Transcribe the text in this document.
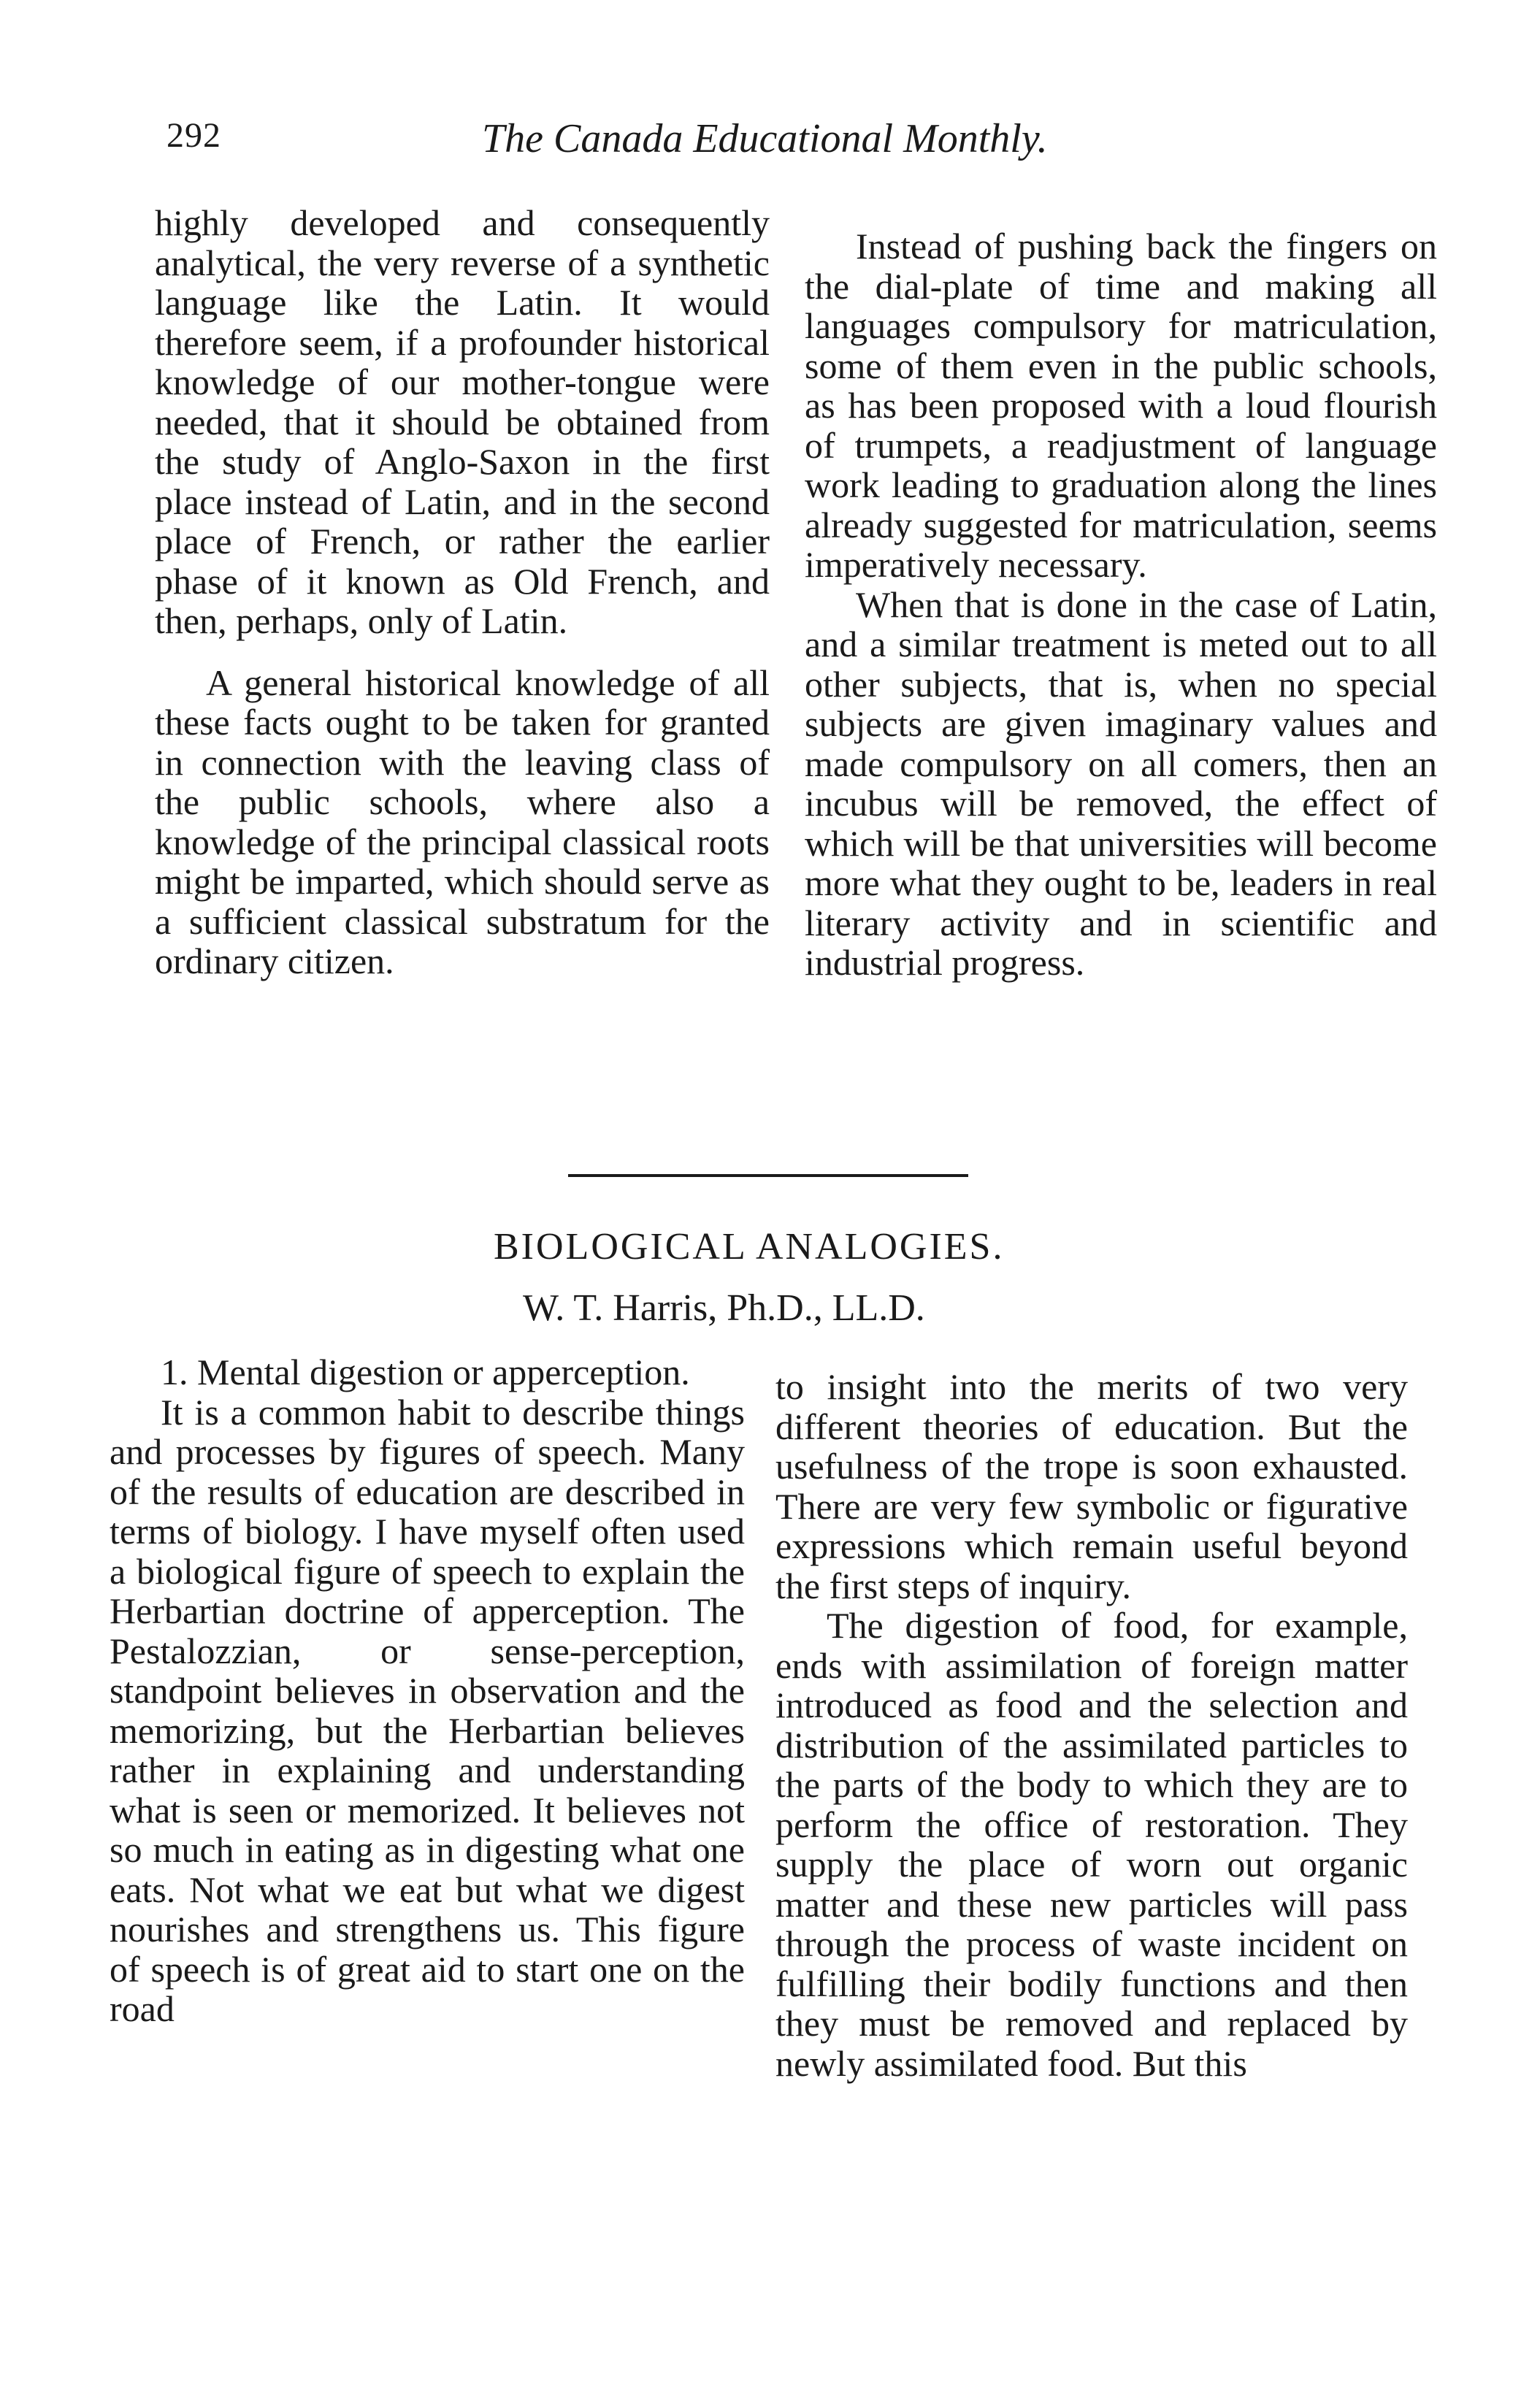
292	The Canada Educational Monthly.

highly developed and consequently analytical, the very reverse of a synthetic language like the Latin. It would therefore seem, if a profounder historical knowledge of our mother-tongue were needed, that it should be obtained from the study of Anglo-Saxon in the first place instead of Latin, and in the second place of French, or rather the earlier phase of it known as Old French, and then, perhaps, only of Latin.

A general historical knowledge of all these facts ought to be taken for granted in connection with the leaving class of the public schools, where also a knowledge of the principal classical roots might be imparted, which should serve as a sufficient classical substratum for the ordinary citizen.

Instead of pushing back the fingers on the dial-plate of time and making all languages compulsory for matriculation, some of them even in the public schools, as has been proposed with a loud flourish of trumpets, a readjustment of language work leading to graduation along the lines already suggested for matriculation, seems imperatively necessary.

When that is done in the case of Latin, and a similar treatment is meted out to all other subjects, that is, when no special subjects are given imaginary values and made compulsory on all comers, then an incubus will be removed, the effect of which will be that universities will become more what they ought to be, leaders in real literary activity and in scientific and industrial progress.

BIOLOGICAL ANALOGIES.
W. T. Harris, Ph.D., LL.D.

1. Mental digestion or apperception.

It is a common habit to describe things and processes by figures of speech. Many of the results of education are described in terms of biology. I have myself often used a biological figure of speech to explain the Herbartian doctrine of apperception. The Pestalozzian, or sense-perception, standpoint believes in observation and the memorizing, but the Herbartian believes rather in explaining and understanding what is seen or memorized. It believes not so much in eating as in digesting what one eats. Not what we eat but what we digest nourishes and strengthens us. This figure of speech is of great aid to start one on the road

to insight into the merits of two very different theories of education. But the usefulness of the trope is soon exhausted. There are very few symbolic or figurative expressions which remain useful beyond the first steps of inquiry.

The digestion of food, for example, ends with assimilation of foreign matter introduced as food and the selection and distribution of the assimilated particles to the parts of the body to which they are to perform the office of restoration. They supply the place of worn out organic matter and these new particles will pass through the process of waste incident on fulfilling their bodily functions and then they must be removed and replaced by newly assimilated food. But this
